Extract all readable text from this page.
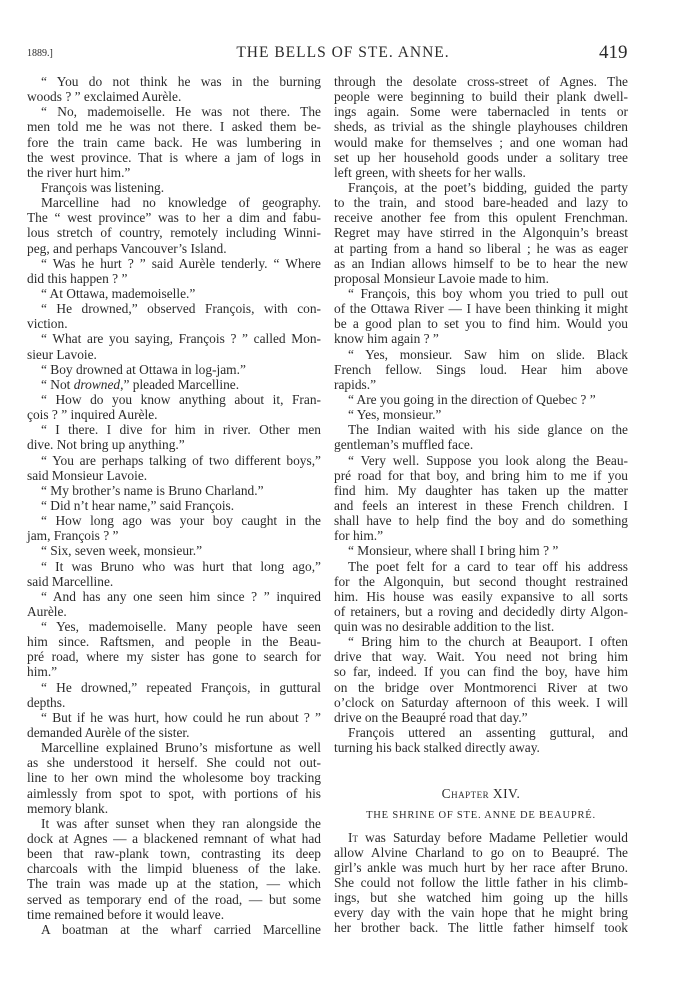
1889.]	THE BELLS OF STE. ANNE.	419
“ You do not think he was in the burning
woods ? ” exclaimed Aurèle.
“ No, mademoiselle. He was not there. The
men told me he was not there. I asked them be-
fore the train came back. He was lumbering in
the west province. That is where a jam of logs in
the river hurt him.”
François was listening.
Marcelline had no knowledge of geography.
The “ west province” was to her a dim and fabu-
lous stretch of country, remotely including Winni-
peg, and perhaps Vancouver’s Island.
“ Was he hurt ? ” said Aurèle tenderly. “ Where
did this happen ? ”
“ At Ottawa, mademoiselle.”
“ He drowned,” observed François, with con-
viction.
“ What are you saying, François ? ” called Mon-
sieur Lavoie.
“ Boy drowned at Ottawa in log-jam.”
“ Not drowned,” pleaded Marcelline.
“ How do you know anything about it, Fran-
çois ? ” inquired Aurèle.
“ I there. I dive for him in river. Other men
dive. Not bring up anything.”
“ You are perhaps talking of two different boys,”
said Monsieur Lavoie.
“ My brother’s name is Bruno Charland.”
“ Did n’t hear name,” said François.
“ How long ago was your boy caught in the
jam, François ? ”
“ Six, seven week, monsieur.”
“ It was Bruno who was hurt that long ago,”
said Marcelline.
“ And has any one seen him since ? ” inquired
Aurèle.
“ Yes, mademoiselle. Many people have seen
him since. Raftsmen, and people in the Beau-
pré road, where my sister has gone to search for
him.”
“ He drowned,” repeated François, in guttural
depths.
“ But if he was hurt, how could he run about ? ”
demanded Aurèle of the sister.
Marcelline explained Bruno’s misfortune as well
as she understood it herself. She could not out-
line to her own mind the wholesome boy tracking
aimlessly from spot to spot, with portions of his
memory blank.
It was after sunset when they ran alongside the
dock at Agnes — a blackened remnant of what had
been that raw-plank town, contrasting its deep
charcoals with the limpid blueness of the lake.
The train was made up at the station, — which
served as temporary end of the road, — but some
time remained before it would leave.
A boatman at the wharf carried Marcelline
through the desolate cross-street of Agnes. The
people were beginning to build their plank dwell-
ings again. Some were tabernacled in tents or
sheds, as trivial as the shingle playhouses children
would make for themselves ; and one woman had
set up her household goods under a solitary tree
left green, with sheets for her walls.
François, at the poet’s bidding, guided the party
to the train, and stood bare-headed and lazy to
receive another fee from this opulent Frenchman.
Regret may have stirred in the Algonquin’s breast
at parting from a hand so liberal ; he was as eager
as an Indian allows himself to be to hear the new
proposal Monsieur Lavoie made to him.
“ François, this boy whom you tried to pull out
of the Ottawa River — I have been thinking it might
be a good plan to set you to find him. Would you
know him again ? ”
“ Yes, monsieur. Saw him on slide. Black
French fellow. Sings loud. Hear him above
rapids.”
“ Are you going in the direction of Quebec ? ”
“ Yes, monsieur.”
The Indian waited with his side glance on the
gentleman’s muffled face.
“ Very well. Suppose you look along the Beau-
pré road for that boy, and bring him to me if you
find him. My daughter has taken up the matter
and feels an interest in these French children. I
shall have to help find the boy and do something
for him.”
“ Monsieur, where shall I bring him ? ”
The poet felt for a card to tear off his address
for the Algonquin, but second thought restrained
him. His house was easily expansive to all sorts
of retainers, but a roving and decidedly dirty Algon-
quin was no desirable addition to the list.
“ Bring him to the church at Beauport. I often
drive that way. Wait. You need not bring him
so far, indeed. If you can find the boy, have him
on the bridge over Montmorenci River at two
o’clock on Saturday afternoon of this week. I will
drive on the Beaupré road that day.”
François uttered an assenting guttural, and
turning his back stalked directly away.
Chapter XIV.
THE SHRINE OF STE. ANNE DE BEAUPRÉ.
It was Saturday before Madame Pelletier would
allow Alvine Charland to go on to Beaupré. The
girl’s ankle was much hurt by her race after Bruno.
She could not follow the little father in his climb-
ings, but she watched him going up the hills
every day with the vain hope that he might bring
her brother back. The little father himself took
